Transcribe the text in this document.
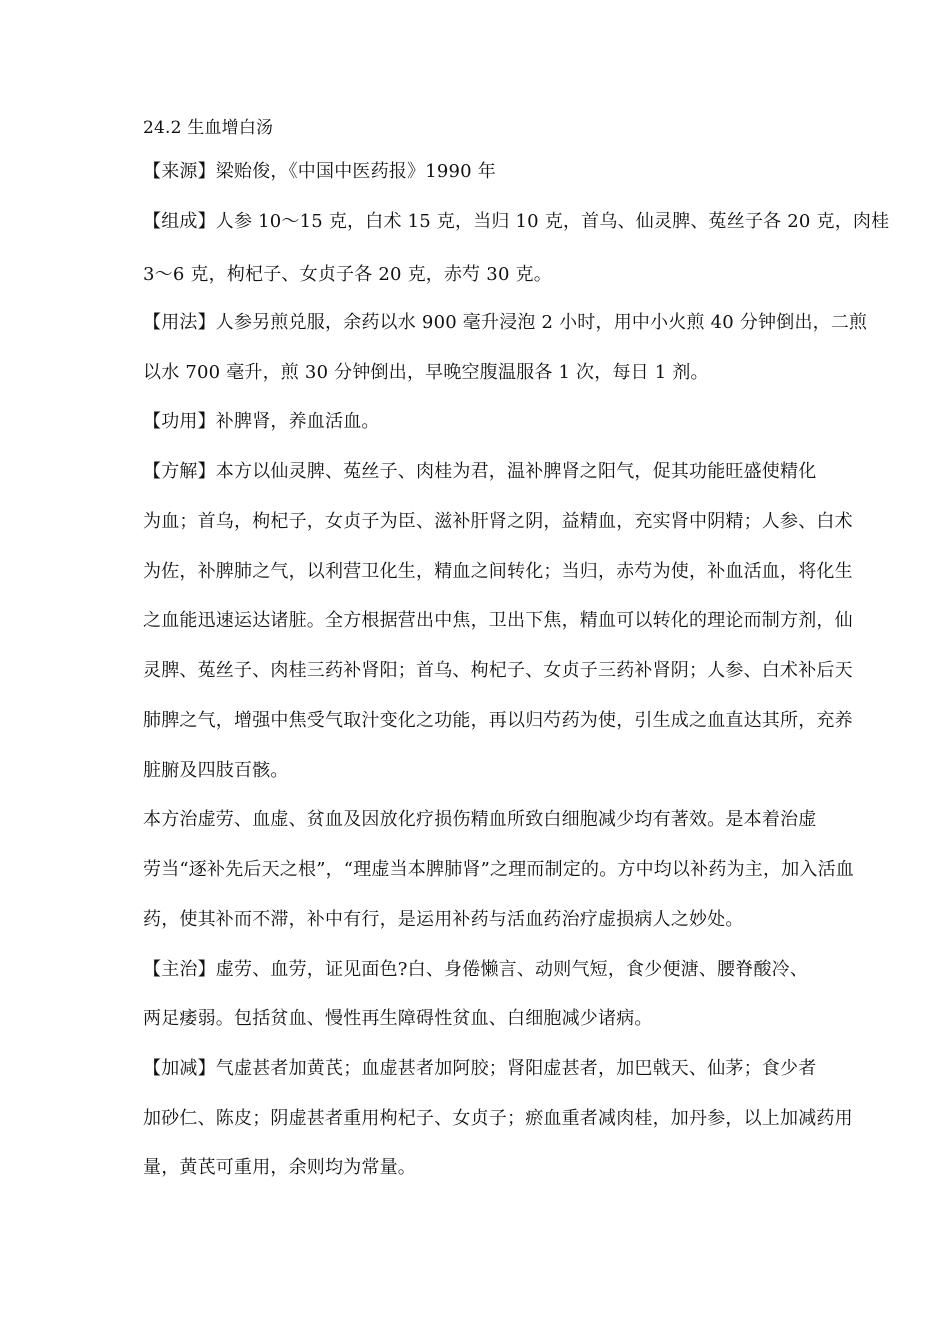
24.2 生血增白汤
【来源】梁贻俊，《中国中医药报》1990 年
【组成】人参 10～15 克，白术 15 克，当归 10 克，首乌、仙灵脾、菟丝子各 20 克，肉桂
3～6 克，枸杞子、女贞子各 20 克，赤芍 30 克。
【用法】人参另煎兑服，余药以水 900 毫升浸泡 2 小时，用中小火煎 40 分钟倒出，二煎
以水 700 毫升，煎 30 分钟倒出，早晚空腹温服各 1 次，每日 1 剂。
【功用】补脾肾，养血活血。
【方解】本方以仙灵脾、菟丝子、肉桂为君，温补脾肾之阳气，促其功能旺盛使精化
为血；首乌，枸杞子，女贞子为臣、滋补肝肾之阴，益精血，充实肾中阴精；人参、白术
为佐，补脾肺之气，以利营卫化生，精血之间转化；当归，赤芍为使，补血活血，将化生
之血能迅速运达诸脏。全方根据营出中焦，卫出下焦，精血可以转化的理论而制方剂，仙
灵脾、菟丝子、肉桂三药补肾阳；首乌、枸杞子、女贞子三药补肾阴；人参、白术补后天
肺脾之气，增强中焦受气取汁变化之功能，再以归芍药为使，引生成之血直达其所，充养
脏腑及四肢百骸。
本方治虚劳、血虚、贫血及因放化疗损伤精血所致白细胞减少均有著效。是本着治虚
劳当“逐补先后天之根”，“理虚当本脾肺肾”之理而制定的。方中均以补药为主，加入活血
药，使其补而不滞，补中有行，是运用补药与活血药治疗虚损病人之妙处。
【主治】虚劳、血劳，证见面色?白、身倦懒言、动则气短，食少便溏、腰脊酸冷、
两足痿弱。包括贫血、慢性再生障碍性贫血、白细胞减少诸病。
【加减】气虚甚者加黄芪；血虚甚者加阿胶；肾阳虚甚者，加巴戟天、仙茅；食少者
加砂仁、陈皮；阴虚甚者重用枸杞子、女贞子；瘀血重者减肉桂，加丹参，以上加减药用
量，黄芪可重用，余则均为常量。
